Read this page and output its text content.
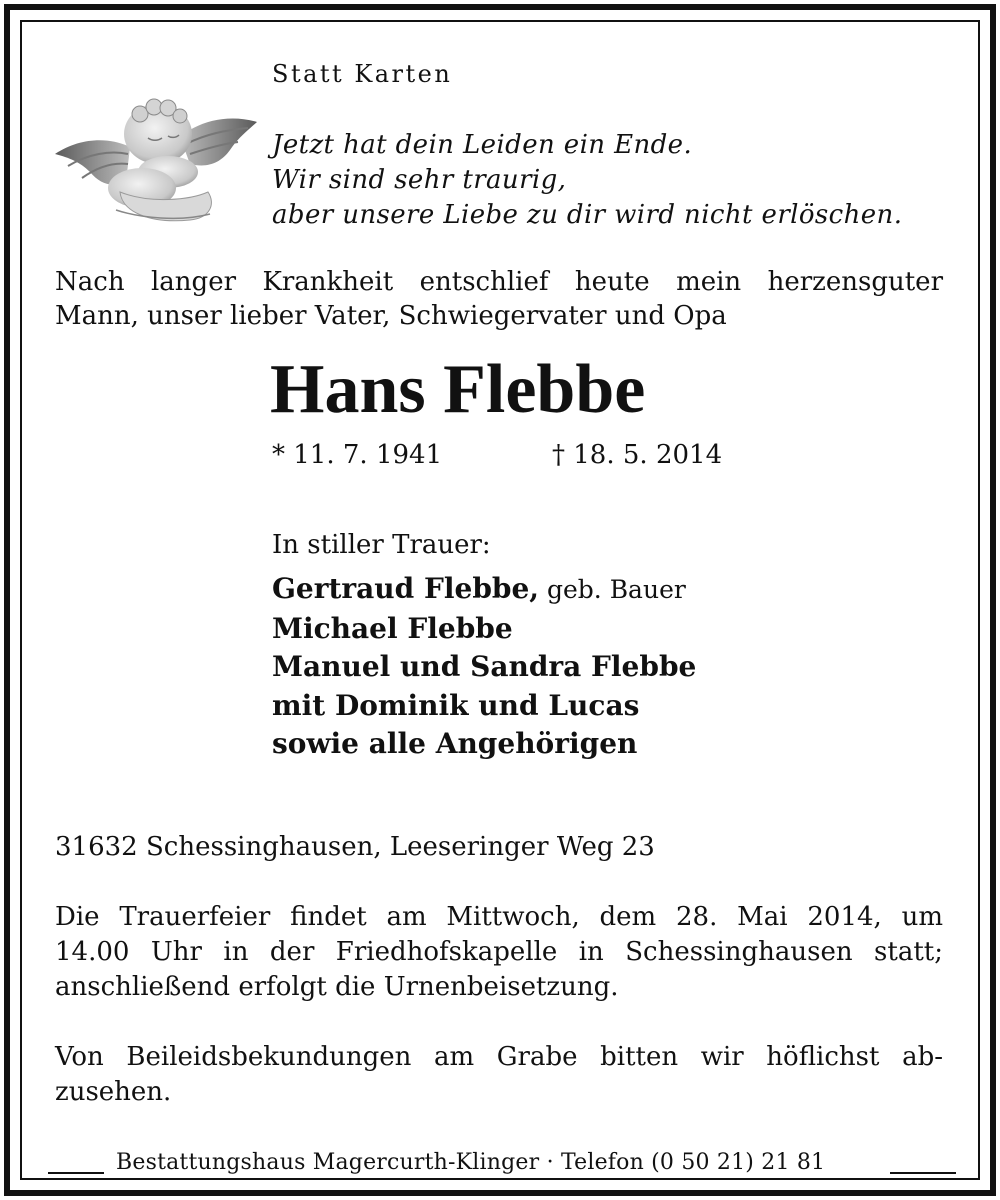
Statt Karten
Jetzt hat dein Leiden ein Ende.
Wir sind sehr traurig,
aber unsere Liebe zu dir wird nicht erlöschen.
Nach langer Krankheit entschlief heute mein herzensguter
Mann, unser lieber Vater, Schwiegervater und Opa
Hans Flebbe
* 11. 7. 1941	† 18. 5. 2014
In stiller Trauer:
Gertraud Flebbe, geb. Bauer
Michael Flebbe
Manuel und Sandra Flebbe
mit Dominik und Lucas
sowie alle Angehörigen
31632 Schessinghausen, Leeseringer Weg 23
Die Trauerfeier findet am Mittwoch, dem 28. Mai 2014, um
14.00 Uhr in der Friedhofskapelle in Schessinghausen statt;
anschließend erfolgt die Urnenbeisetzung.
Von Beileidsbekundungen am Grabe bitten wir höflichst ab-
zusehen.
Bestattungshaus Magercurth-Klinger · Telefon (0 50 21) 21 81
